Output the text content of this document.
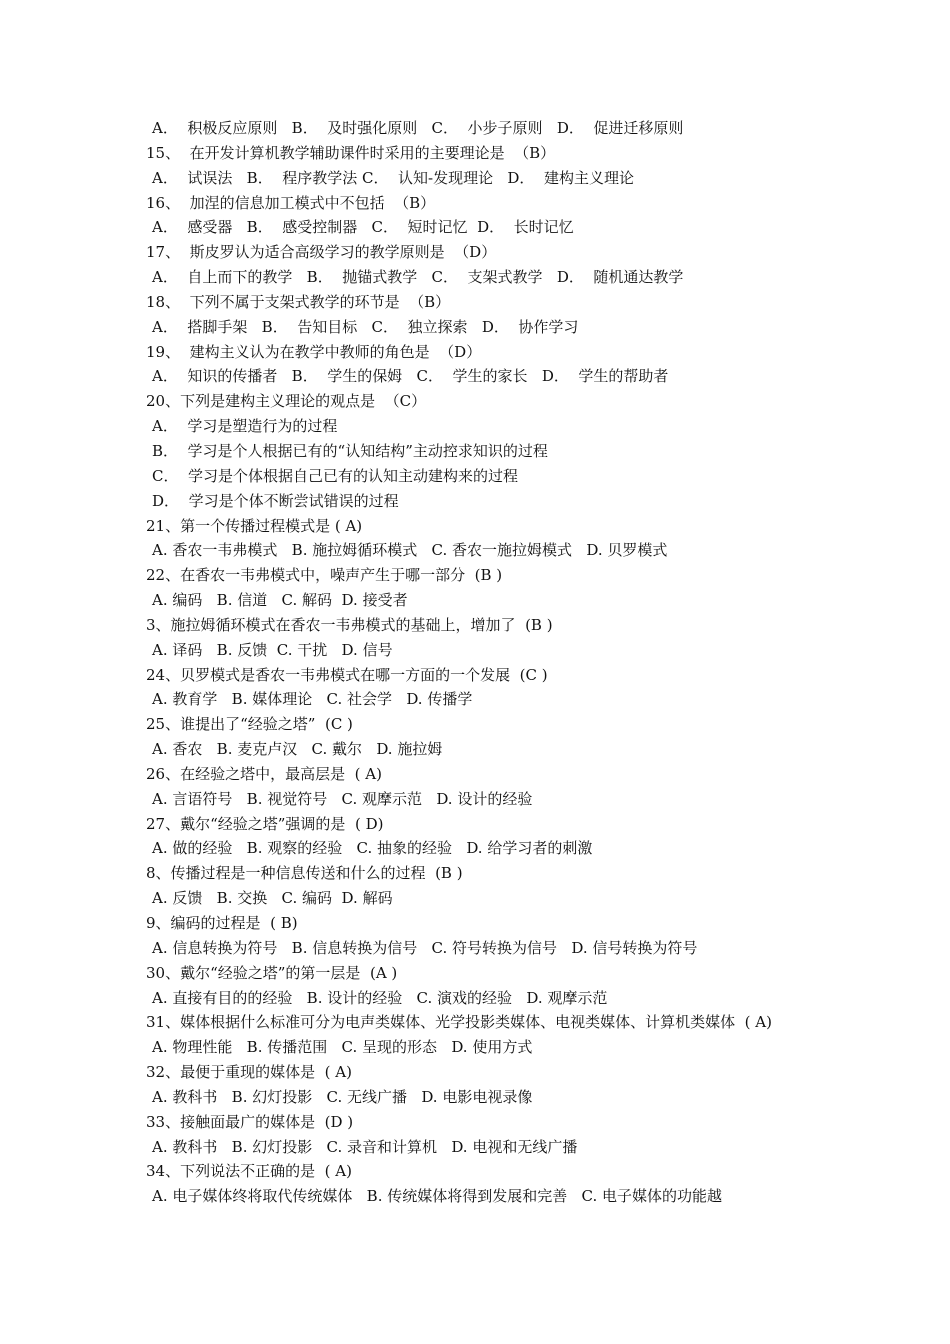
A．  积极反应原则   B．  及时强化原则   C．  小步子原则   D．  促进迁移原则
15、  在开发计算机教学辅助课件时采用的主要理论是  （B）
A．  试误法   B．  程序教学法 C．  认知-发现理论   D．  建构主义理论
16、  加涅的信息加工模式中不包括  （B）
A．  感受器   B．  感受控制器   C．  短时记忆  D．  长时记忆
17、  斯皮罗认为适合高级学习的教学原则是  （D）
A．  自上而下的教学   B．  抛锚式教学   C．  支架式教学   D．  随机通达教学
18、  下列不属于支架式教学的环节是  （B）
A．  搭脚手架   B．  告知目标   C．  独立探索   D．  协作学习
19、  建构主义认为在教学中教师的角色是  （D）
A．  知识的传播者   B．  学生的保姆   C．  学生的家长   D．  学生的帮助者
20、下列是建构主义理论的观点是  （C）
A．  学习是塑造行为的过程
B．  学习是个人根据已有的“认知结构”主动控求知识的过程
C．  学习是个体根据自己已有的认知主动建构来的过程
D．  学习是个体不断尝试错误的过程
21、第一个传播过程模式是 ( A)
A. 香农一韦弗模式   B. 施拉姆循环模式   C. 香农一施拉姆模式   D. 贝罗模式
22、在香农一韦弗模式中，噪声产生于哪一部分  (B )
A. 编码   B. 信道   C. 解码  D. 接受者
3、施拉姆循环模式在香农一韦弗模式的基础上，增加了  (B )
A. 译码   B. 反馈  C. 干扰   D. 信号
24、贝罗模式是香农一韦弗模式在哪一方面的一个发展  (C )
A. 教育学   B. 媒体理论   C. 社会学   D. 传播学
25、谁提出了“经验之塔”  (C )
A. 香农   B. 麦克卢汉   C. 戴尔   D. 施拉姆
26、在经验之塔中，最高层是  ( A)
A. 言语符号   B. 视觉符号   C. 观摩示范   D. 设计的经验
27、戴尔“经验之塔”强调的是  ( D)
A. 做的经验   B. 观察的经验   C. 抽象的经验   D. 给学习者的刺激
8、传播过程是一种信息传送和什么的过程  (B )
A. 反馈   B. 交换   C. 编码  D. 解码
9、编码的过程是  ( B)
A. 信息转换为符号   B. 信息转换为信号   C. 符号转换为信号   D. 信号转换为符号
30、戴尔“经验之塔”的第一层是  (A )
A. 直接有目的的经验   B. 设计的经验   C. 演戏的经验   D. 观摩示范
31、媒体根据什么标准可分为电声类媒体、光学投影类媒体、电视类媒体、计算机类媒体  ( A)
A. 物理性能   B. 传播范围   C. 呈现的形态   D. 使用方式
32、最便于重现的媒体是  ( A)
A. 教科书   B. 幻灯投影   C. 无线广播   D. 电影电视录像
33、接触面最广的媒体是  (D )
A. 教科书   B. 幻灯投影   C. 录音和计算机   D. 电视和无线广播
34、下列说法不正确的是  ( A)
A. 电子媒体终将取代传统媒体   B. 传统媒体将得到发展和完善   C. 电子媒体的功能越
